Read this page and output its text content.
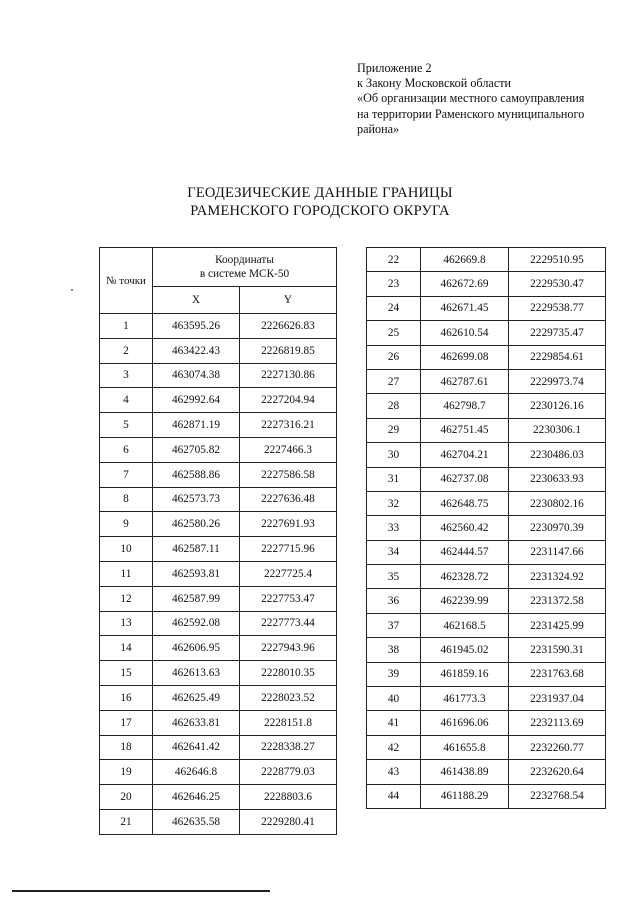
Приложение 2
к Закону Московской области
«Об организации местного самоуправления
на территории Раменского муниципального
района»
ГЕОДЕЗИЧЕСКИЕ ДАННЫЕ ГРАНИЦЫ
РАМЕНСКОГО ГОРОДСКОГО ОКРУГА
№ точки	Координаты
в системе МСК-50	

	X	Y
1	463595.26	2226626.83
2	463422.43	2226819.85
3	463074.38	2227130.86
4	462992.64	2227204.94
5	462871.19	2227316.21
6	462705.82	2227466.3
7	462588.86	2227586.58
8	462573.73	2227636.48
9	462580.26	2227691.93
10	462587.11	2227715.96
11	462593.81	2227725.4
12	462587.99	2227753.47
13	462592.08	2227773.44
14	462606.95	2227943.96
15	462613.63	2228010.35
16	462625.49	2228023.52
17	462633.81	2228151.8
18	462641.42	2228338.27
19	462646.8	2228779.03
20	462646.25	2228803.6
21	462635.58	2229280.41
22	462669.8	2229510.95
23	462672.69	2229530.47
24	462671.45	2229538.77
25	462610.54	2229735.47
26	462699.08	2229854.61
27	462787.61	2229973.74
28	462798.7	2230126.16
29	462751.45	2230306.1
30	462704.21	2230486.03
31	462737.08	2230633.93
32	462648.75	2230802.16
33	462560.42	2230970.39
34	462444.57	2231147.66
35	462328.72	2231324.92
36	462239.99	2231372.58
37	462168.5	2231425.99
38	461945.02	2231590.31
39	461859.16	2231763.68
40	461773.3	2231937.04
41	461696.06	2232113.69
42	461655.8	2232260.77
43	461438.89	2232620.64
44	461188.29	2232768.54
